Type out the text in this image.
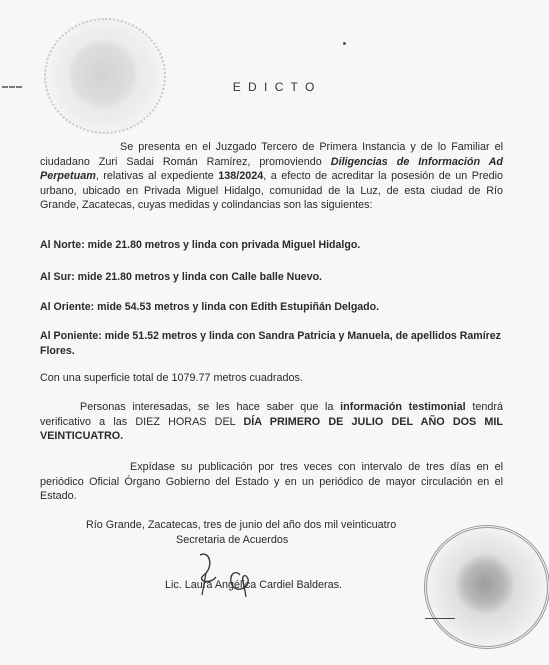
E D I C T O
Se presenta en el Juzgado Tercero de Primera Instancia y de lo Familiar el ciudadano Zuri Sadai Román Ramírez, promoviendo Diligencias de Información Ad Perpetuam, relativas al expediente 138/2024, a efecto de acreditar la posesión de un Predio urbano, ubicado en Privada Miguel Hidalgo, comunidad de la Luz, de esta ciudad de Río Grande, Zacatecas, cuyas medidas y colindancias son las siguientes:
Al Norte: mide 21.80 metros y linda con privada Miguel Hidalgo.
Al Sur: mide 21.80 metros y linda con Calle balle Nuevo.
Al Oriente: mide 54.53 metros y linda con Edith Estupiñán Delgado.
Al Poniente: mide 51.52 metros y linda con Sandra Patricia y Manuela, de apellidos Ramírez Flores.
Con una superficie total de 1079.77 metros cuadrados.
Personas interesadas, se les hace saber que la información testimonial tendrá verificativo a las DIEZ HORAS DEL DÍA PRIMERO DE JULIO DEL AÑO DOS MIL VEINTICUATRO.
Expídase su publicación por tres veces con intervalo de tres días en el periódico Oficial Órgano Gobierno del Estado y en un periódico de mayor circulación en el Estado.
Río Grande, Zacatecas, tres de junio del año dos mil veinticuatro
Secretaria de Acuerdos
Lic. Laura Angélica Cardiel Balderas.
